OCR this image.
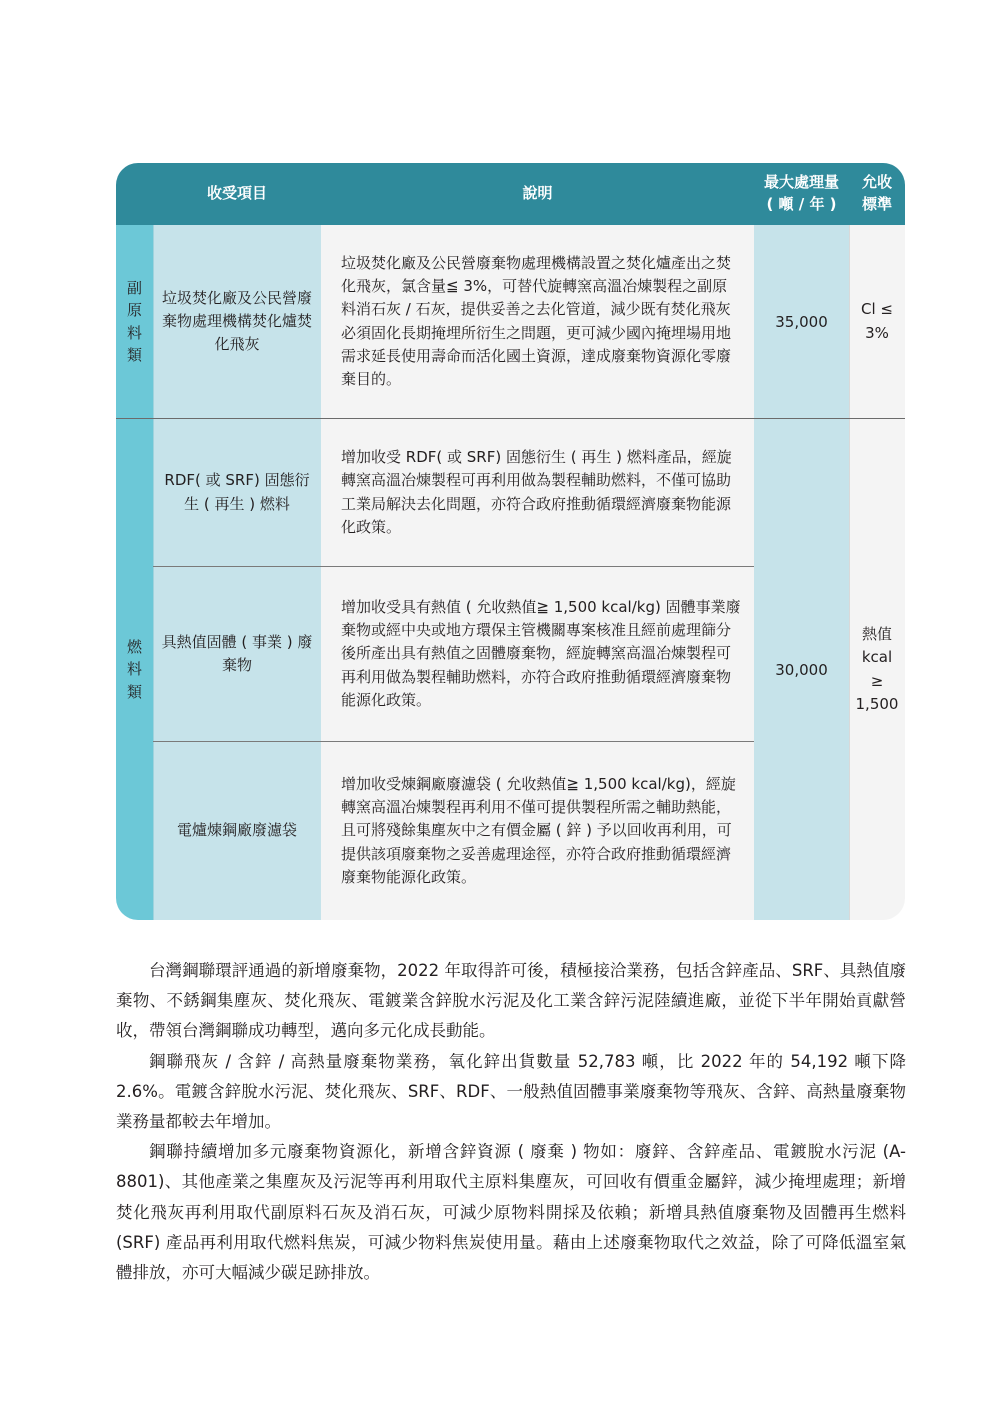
收受項目	說明
最大處理量
( 噸 / 年 )
允收
標準
副原料類
燃料類
垃圾焚化廠及公民營廢棄物處理機構焚化爐焚化飛灰
垃圾焚化廠及公民營廢棄物處理機構設置之焚化爐產出之焚化飛灰，氯含量≦ 3%，可替代旋轉窯高溫冶煉製程之副原料消石灰 / 石灰，提供妥善之去化管道，減少既有焚化飛灰必須固化長期掩埋所衍生之問題，更可減少國內掩埋場用地需求延長使用壽命而活化國土資源，達成廢棄物資源化零廢棄目的。
35,000
Cl ≤ 3%
RDF( 或 SRF) 固態衍生 ( 再生 ) 燃料
增加收受 RDF( 或 SRF) 固態衍生 ( 再生 ) 燃料產品，經旋轉窯高溫冶煉製程可再利用做為製程輔助燃料，不僅可協助工業局解決去化問題，亦符合政府推動循環經濟廢棄物能源化政策。
具熱值固體 ( 事業 ) 廢棄物
增加收受具有熱值 ( 允收熱值≧ 1,500 kcal/kg) 固體事業廢棄物或經中央或地方環保主管機關專案核准且經前處理篩分後所產出具有熱值之固體廢棄物，經旋轉窯高溫冶煉製程可再利用做為製程輔助燃料，亦符合政府推動循環經濟廢棄物能源化政策。
電爐煉鋼廠廢濾袋
增加收受煉鋼廠廢濾袋 ( 允收熱值≧ 1,500 kcal/kg)，經旋轉窯高溫冶煉製程再利用不僅可提供製程所需之輔助熱能，且可將殘餘集塵灰中之有價金屬 ( 鋅 ) 予以回收再利用，可提供該項廢棄物之妥善處理途徑，亦符合政府推動循環經濟廢棄物能源化政策。
30,000
熱值
kcal
≥
1,500

台灣鋼聯環評通過的新增廢棄物，2022 年取得許可後，積極接洽業務，包括含鋅產品、SRF、具熱值廢棄物、不銹鋼集塵灰、焚化飛灰、電鍍業含鋅脫水污泥及化工業含鋅污泥陸續進廠，並從下半年開始貢獻營收，帶領台灣鋼聯成功轉型，邁向多元化成長動能。

鋼聯飛灰 / 含鋅 / 高熱量廢棄物業務，氧化鋅出貨數量 52,783 噸，比 2022 年的 54,192 噸下降 2.6%。電鍍含鋅脫水污泥、焚化飛灰、SRF、RDF、一般熱值固體事業廢棄物等飛灰、含鋅、高熱量廢棄物業務量都較去年增加。

鋼聯持續增加多元廢棄物資源化，新增含鋅資源 ( 廢棄 ) 物如：廢鋅、含鋅產品、電鍍脫水污泥 (A-8801)、其他產業之集塵灰及污泥等再利用取代主原料集塵灰，可回收有價重金屬鋅，減少掩埋處理；新增焚化飛灰再利用取代副原料石灰及消石灰，可減少原物料開採及依賴；新增具熱值廢棄物及固體再生燃料 (SRF) 產品再利用取代燃料焦炭，可減少物料焦炭使用量。藉由上述廢棄物取代之效益，除了可降低溫室氣體排放，亦可大幅減少碳足跡排放。
